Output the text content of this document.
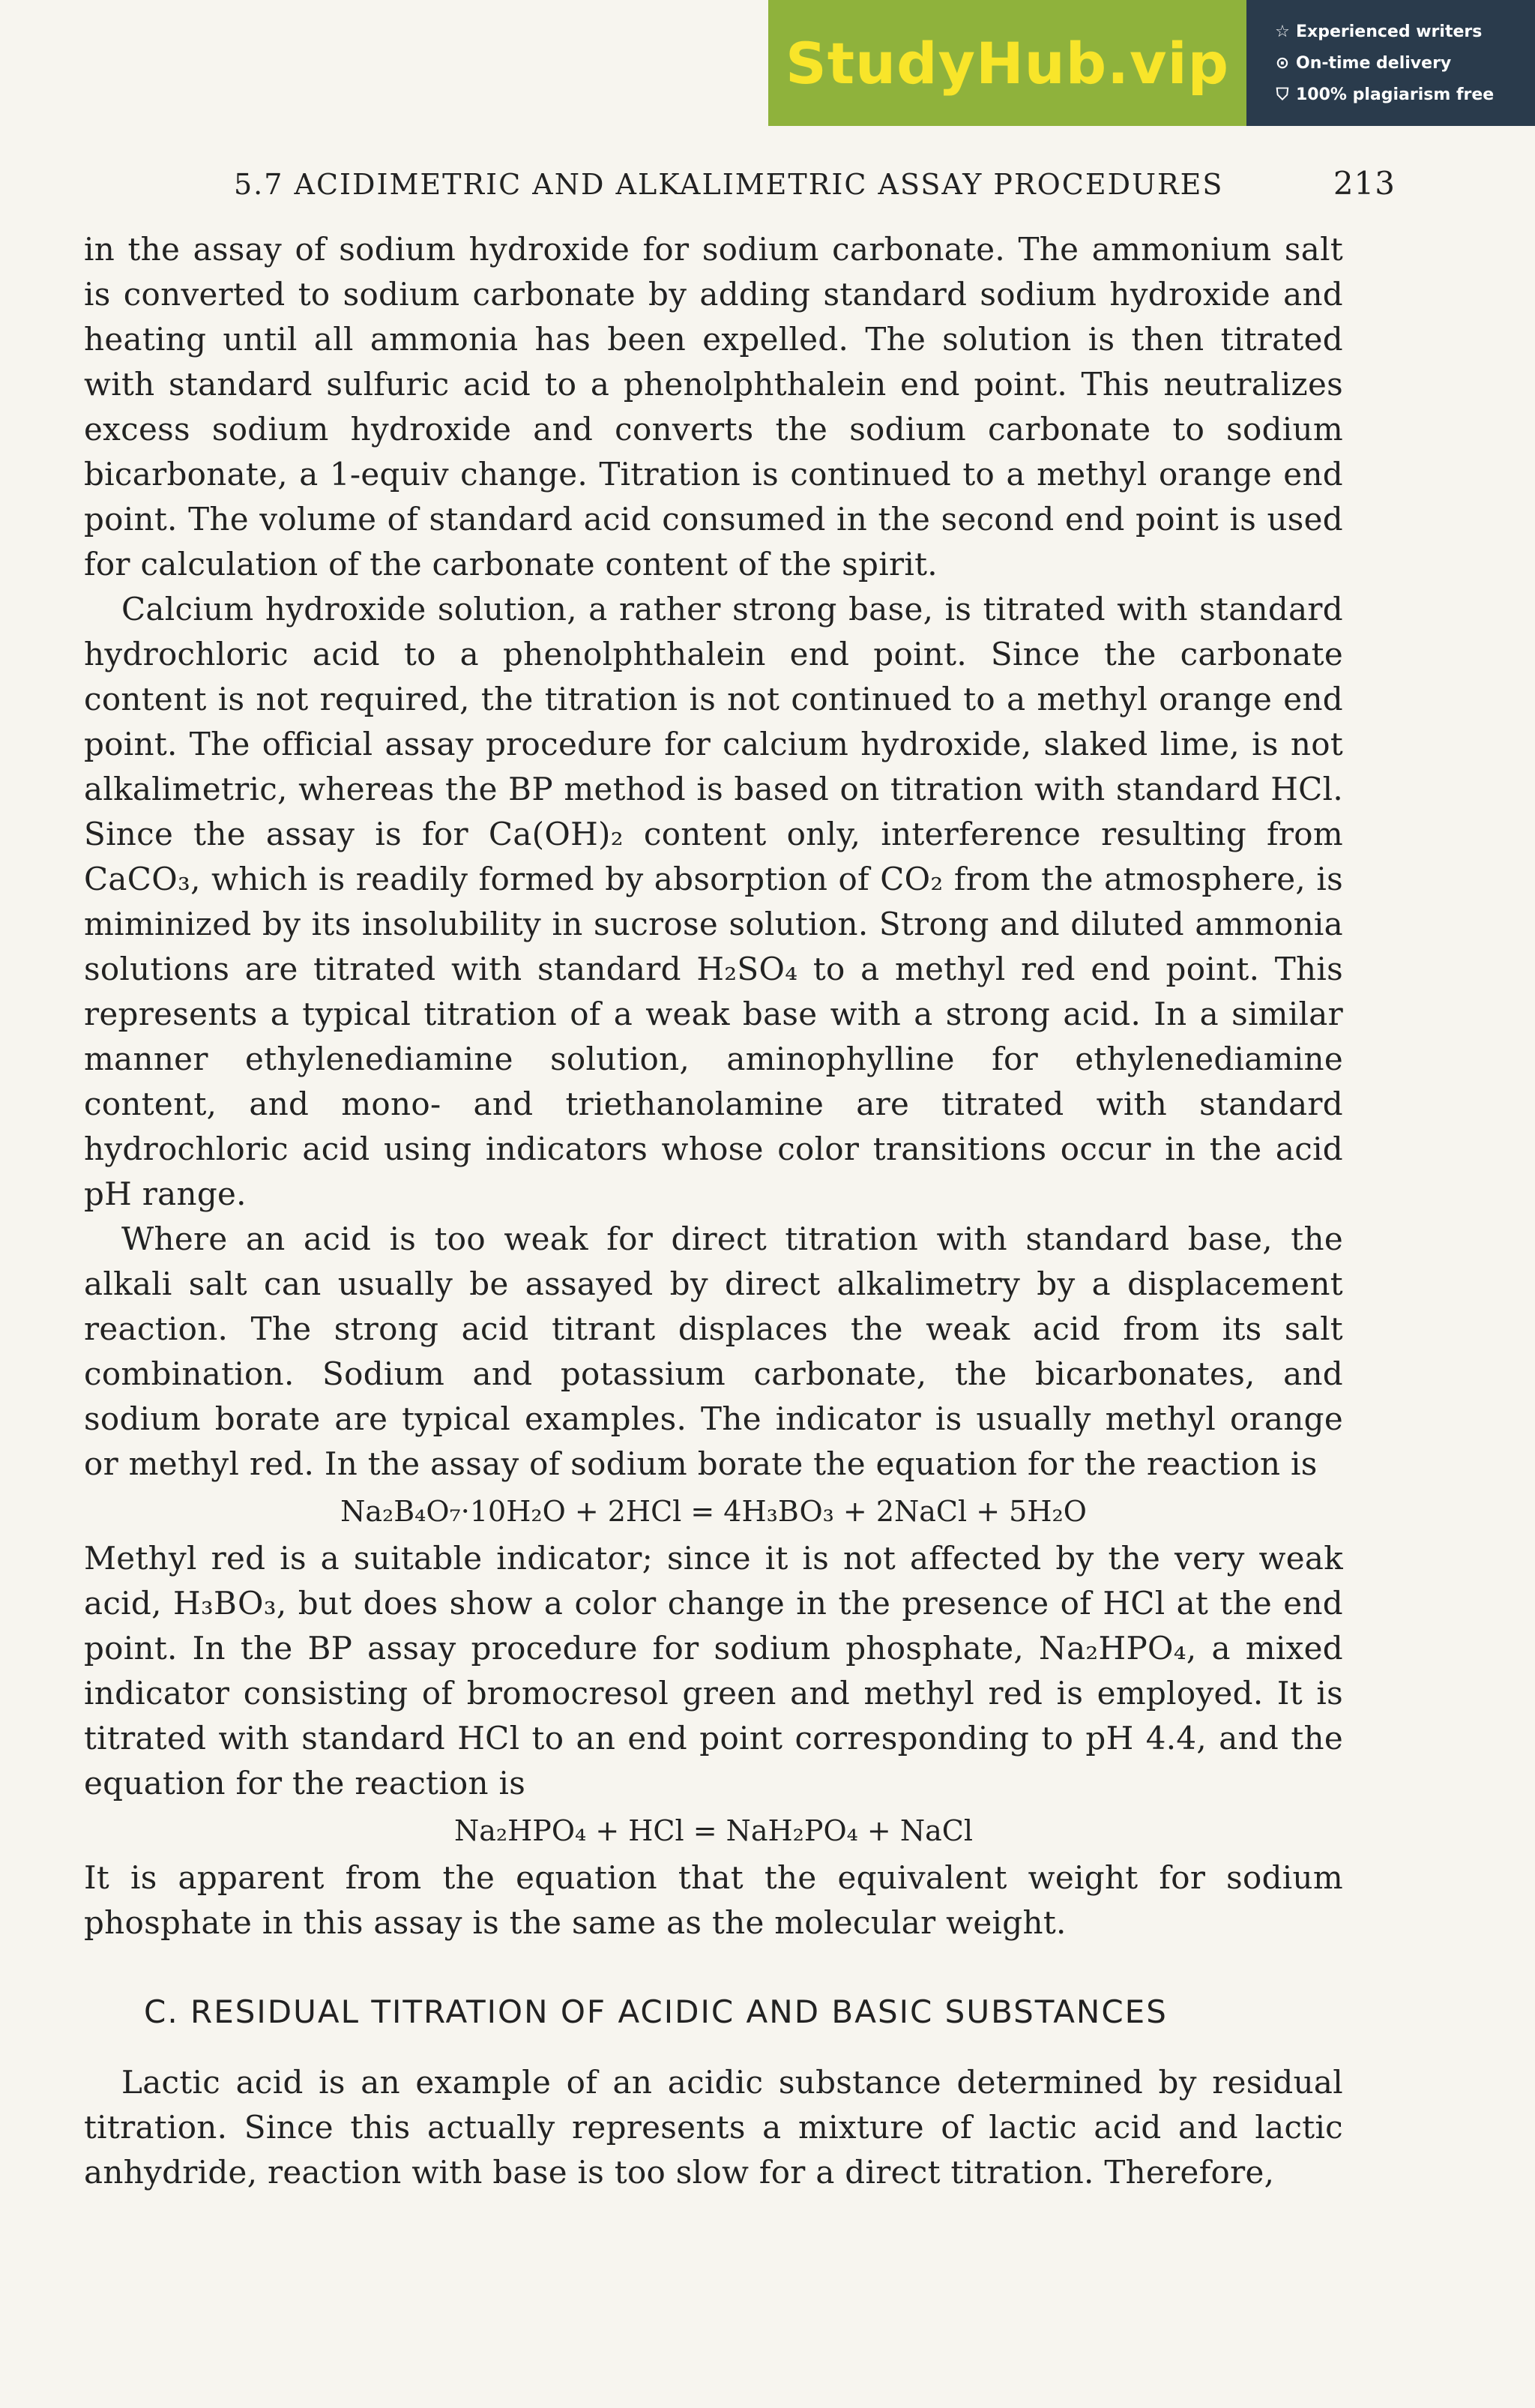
StudyHub.vip	☆ Experienced writers
⊙ On-time delivery
⛉ 100% plagiarism free
5.7 ACIDIMETRIC AND ALKALIMETRIC ASSAY PROCEDURES	213

in the assay of sodium hydroxide for sodium carbonate. The ammonium salt is converted to sodium carbonate by adding standard sodium hydroxide and heating until all ammonia has been expelled. The solution is then titrated with standard sulfuric acid to a phenolphthalein end point. This neutralizes excess sodium hydroxide and converts the sodium carbonate to sodium bicarbonate, a 1-equiv change. Titration is continued to a methyl orange end point. The volume of standard acid consumed in the second end point is used for calculation of the carbonate content of the spirit.

Calcium hydroxide solution, a rather strong base, is titrated with standard hydrochloric acid to a phenolphthalein end point. Since the carbonate content is not required, the titration is not continued to a methyl orange end point. The official assay procedure for calcium hydroxide, slaked lime, is not alkalimetric, whereas the BP method is based on titration with standard HCl. Since the assay is for Ca(OH)₂ content only, interference resulting from CaCO₃, which is readily formed by absorption of CO₂ from the atmosphere, is miminized by its insolubility in sucrose solution. Strong and diluted ammonia solutions are titrated with standard H₂SO₄ to a methyl red end point. This represents a typical titration of a weak base with a strong acid. In a similar manner ethylenediamine solution, aminophylline for ethylenediamine content, and mono- and triethanolamine are titrated with standard hydrochloric acid using indicators whose color transitions occur in the acid pH range.

Where an acid is too weak for direct titration with standard base, the alkali salt can usually be assayed by direct alkalimetry by a displacement reaction. The strong acid titrant displaces the weak acid from its salt combination. Sodium and potassium carbonate, the bicarbonates, and sodium borate are typical examples. The indicator is usually methyl orange or methyl red. In the assay of sodium borate the equation for the reaction is

Na₂B₄O₇·10H₂O + 2HCl = 4H₃BO₃ + 2NaCl + 5H₂O

Methyl red is a suitable indicator; since it is not affected by the very weak acid, H₃BO₃, but does show a color change in the presence of HCl at the end point. In the BP assay procedure for sodium phosphate, Na₂HPO₄, a mixed indicator consisting of bromocresol green and methyl red is employed. It is titrated with standard HCl to an end point corresponding to pH 4.4, and the equation for the reaction is

Na₂HPO₄ + HCl = NaH₂PO₄ + NaCl

It is apparent from the equation that the equivalent weight for sodium phosphate in this assay is the same as the molecular weight.

C. RESIDUAL TITRATION OF ACIDIC AND BASIC SUBSTANCES

Lactic acid is an example of an acidic substance determined by residual titration. Since this actually represents a mixture of lactic acid and lactic anhydride, reaction with base is too slow for a direct titration. Therefore,
